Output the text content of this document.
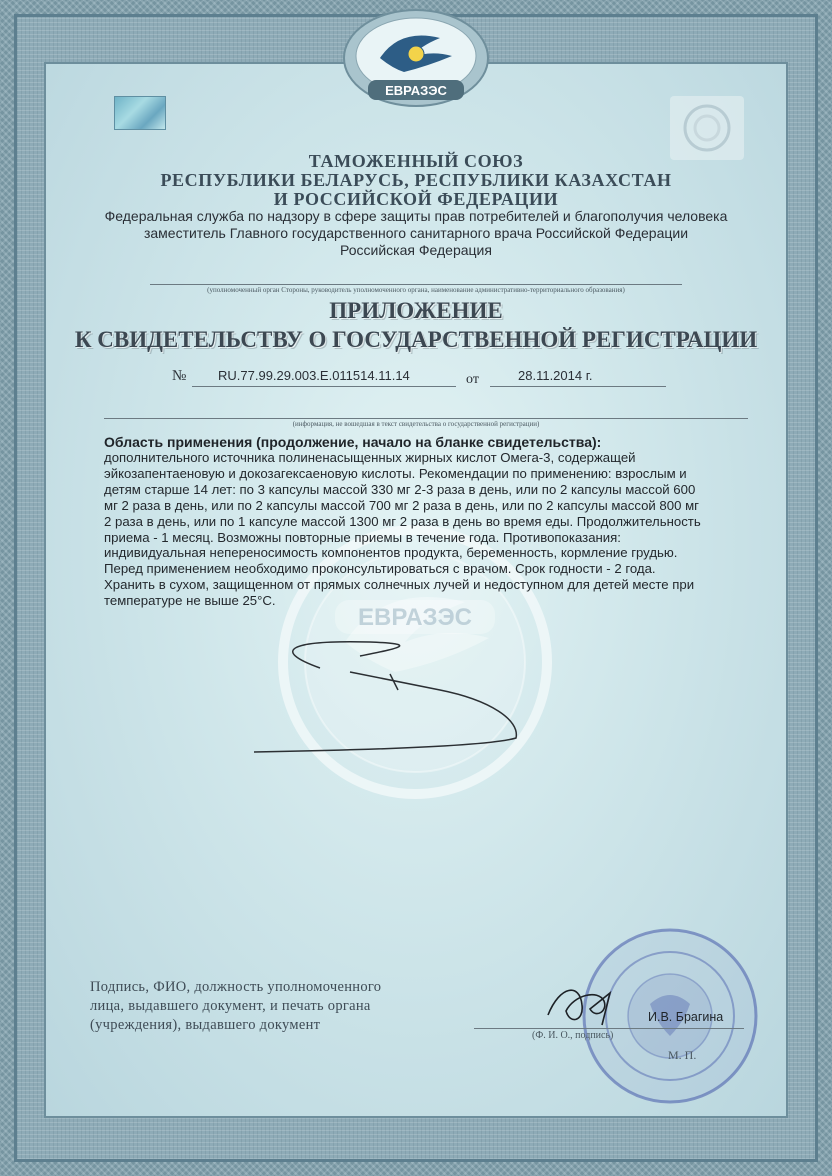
ЕВРАЗЭС
ЕВРАЗЭС
ТАМОЖЕННЫЙ СОЮЗ
РЕСПУБЛИКИ БЕЛАРУСЬ, РЕСПУБЛИКИ КАЗАХСТАН
И РОССИЙСКОЙ ФЕДЕРАЦИИ
Федеральная служба по надзору в сфере защиты прав потребителей и благополучия человека
заместитель Главного государственного санитарного врача Российской Федерации
Российская Федерация
(уполномоченный орган Стороны, руководитель уполномоченного органа, наименование административно-территориального образования)
ПРИЛОЖЕНИЕ
К СВИДЕТЕЛЬСТВУ О ГОСУДАРСТВЕННОЙ РЕГИСТРАЦИИ
№ RU.77.99.29.003.E.011514.11.14	от	28.11.2014 г.
(информация, не вошедшая в текст свидетельства о государственной регистрации)
Область применения (продолжение, начало на бланке свидетельства):
дополнительного источника полиненасыщенных жирных кислот Омега-3, содержащей
эйкозапентаеновую и докозагексаеновую кислоты. Рекомендации по применению: взрослым и
детям старше 14 лет: по 3 капсулы массой 330 мг 2-3 раза в день, или по 2 капсулы массой 600
мг 2 раза в день, или по 2 капсулы массой 700 мг 2 раза в день, или по 2 капсулы массой 800 мг
2 раза в день, или по 1 капсуле массой 1300 мг 2 раза в день во время еды. Продолжительность
приема - 1 месяц. Возможны повторные приемы в течение года. Противопоказания:
индивидуальная непереносимость компонентов продукта, беременность, кормление грудью.
Перед применением необходимо проконсультироваться с врачом. Срок годности - 2 года.
Хранить в сухом, защищенном от прямых солнечных лучей и недоступном для детей месте при
температуре не выше 25°С.
Подпись, ФИО, должность уполномоченного
лица, выдавшего документ, и печать органа
(учреждения), выдавшего документ	И.В. Брагина
(Ф. И. О., подпись)
М. П.
